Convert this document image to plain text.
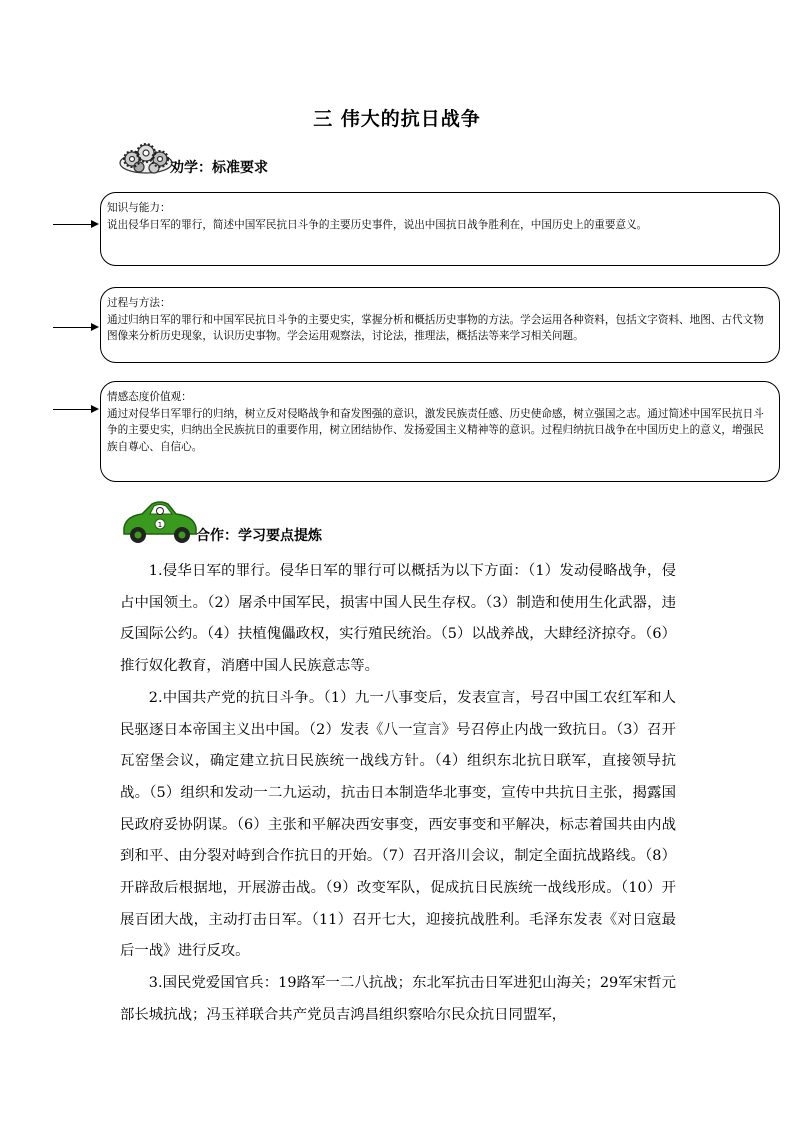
三 伟大的抗日战争
劝学：标准要求
知识与能力：
说出侵华日军的罪行，简述中国军民抗日斗争的主要历史事件，说出中国抗日战争胜利在，中国历史上的重要意义。
过程与方法：
通过归纳日军的罪行和中国军民抗日斗争的主要史实，掌握分析和概括历史事物的方法。学会运用各种资料，包括文字资料、地图、古代文物图像来分析历史现象，认识历史事物。学会运用观察法，讨论法，推理法，概括法等来学习相关问题。
情感态度价值观：
通过对侵华日军罪行的归纳，树立反对侵略战争和奋发图强的意识，激发民族责任感、历史使命感，树立强国之志。通过简述中国军民抗日斗争的主要史实，归纳出全民族抗日的重要作用，树立团结协作、发扬爱国主义精神等的意识。过程归纳抗日战争在中国历史上的意义，增强民族自尊心、自信心。
1
合作：学习要点提炼

1.侵华日军的罪行。侵华日军的罪行可以概括为以下方面：（1）发动侵略战争，侵占中国领土。（2）屠杀中国军民，损害中国人民生存权。（3）制造和使用生化武器，违反国际公约。（4）扶植傀儡政权，实行殖民统治。（5）以战养战，大肆经济掠夺。（6）推行奴化教育，消磨中国人民族意志等。

2.中国共产党的抗日斗争。（1）九一八事变后，发表宣言，号召中国工农红军和人民驱逐日本帝国主义出中国。（2）发表《八一宣言》号召停止内战一致抗日。（3）召开瓦窑堡会议，确定建立抗日民族统一战线方针。（4）组织东北抗日联军，直接领导抗战。（5）组织和发动一二九运动，抗击日本制造华北事变，宣传中共抗日主张，揭露国民政府妥协阴谋。（6）主张和平解决西安事变，西安事变和平解决，标志着国共由内战到和平、由分裂对峙到合作抗日的开始。（7）召开洛川会议，制定全面抗战路线。（8）开辟敌后根据地，开展游击战。（9）改变军队，促成抗日民族统一战线形成。（10）开展百团大战，主动打击日军。（11）召开七大，迎接抗战胜利。毛泽东发表《对日寇最后一战》进行反攻。

3.国民党爱国官兵：19路军一二八抗战；东北军抗击日军进犯山海关；29军宋哲元部长城抗战；冯玉祥联合共产党员吉鸿昌组织察哈尔民众抗日同盟军，
